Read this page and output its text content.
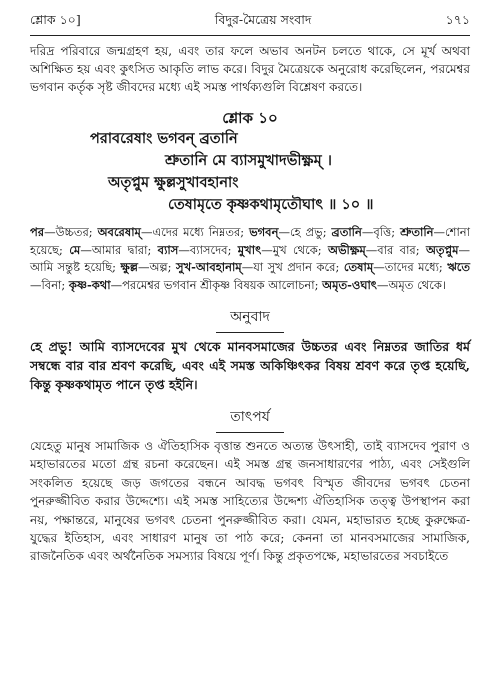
শ্লোক ১০]	বিদুর-মৈত্রেয় সংবাদ	১৭১

দরিদ্র পরিবারে জন্মগ্রহণ হয়, এবং তার ফলে অভাব অনটন চলতে থাকে, সে মূর্খ অথবা অশিক্ষিত হয় এবং কুৎসিত আকৃতি লাভ করে। বিদুর মৈত্রেয়কে অনুরোধ করেছিলেন, পরমেশ্বর ভগবান কর্তৃক সৃষ্ট জীবদের মধ্যে এই সমস্ত পার্থক্যগুলি বিশ্লেষণ করতে।

শ্লোক ১০
পরাবরেষাং ভগবন্ ব্রতানি
শ্রুতানি মে ব্যাসমুখাদভীক্ষ্ণম্ ।
অতৃপ্নুম ক্ষুল্লসুখাবহানাং
তেষামৃতে কৃষ্ণকথামৃতৌঘাৎ ॥ ১০ ॥

পর—উচ্চতর; অবরেষাম্—এদের মধ্যে নিম্নতর; ভগবন্—হে প্রভু; ব্রতানি—বৃত্তি; শ্রুতানি—শোনা হয়েছে; মে—আমার দ্বারা; ব্যাস—ব্যাসদেব; মুখাৎ—মুখ থেকে; অভীক্ষ্ণম্—বার বার; অতৃপ্নুম—আমি সন্তুষ্ট হয়েছি; ক্ষুল্ল—অল্প; সুখ-আবহানাম্—যা সুখ প্রদান করে; তেষাম্—তাদের মধ্যে; ঋতে—বিনা; কৃষ্ণ-কথা—পরমেশ্বর ভগবান শ্রীকৃষ্ণ বিষয়ক আলোচনা; অমৃত-ওঘাৎ—অমৃত থেকে।

অনুবাদ

হে প্রভু! আমি ব্যাসদেবের মুখ থেকে মানবসমাজের উচ্চতর এবং নিম্নতর জাতির ধর্ম সম্বন্ধে বার বার শ্রবণ করেছি, এবং এই সমস্ত অকিঞ্চিৎকর বিষয় শ্রবণ করে তৃপ্ত হয়েছি, কিন্তু কৃষ্ণকথামৃত পানে তৃপ্ত হইনি।

তাৎপর্য

যেহেতু মানুষ সামাজিক ও ঐতিহাসিক বৃত্তান্ত শুনতে অত্যন্ত উৎসাহী, তাই ব্যাসদেব পুরাণ ও মহাভারতের মতো গ্রন্থ রচনা করেছেন। এই সমস্ত গ্রন্থ জনসাধারণের পাঠ্য, এবং সেইগুলি সংকলিত হয়েছে জড় জগতের বন্ধনে আবদ্ধ ভগবৎ বিস্মৃত জীবদের ভগবৎ চেতনা পুনরুজ্জীবিত করার উদ্দেশ্যে। এই সমস্ত সাহিত্যের উদ্দেশ্য ঐতিহাসিক তত্ত্ব উপস্থাপন করা নয়, পক্ষান্তরে, মানুষের ভগবৎ চেতনা পুনরুজ্জীবিত করা। যেমন, মহাভারত হচ্ছে কুরুক্ষেত্র-যুদ্ধের ইতিহাস, এবং সাধারণ মানুষ তা পাঠ করে; কেননা তা মানবসমাজের সামাজিক, রাজনৈতিক এবং অর্থনৈতিক সমস্যার বিষয়ে পূর্ণ। কিন্তু প্রকৃতপক্ষে, মহাভারতের সবচাইতে
